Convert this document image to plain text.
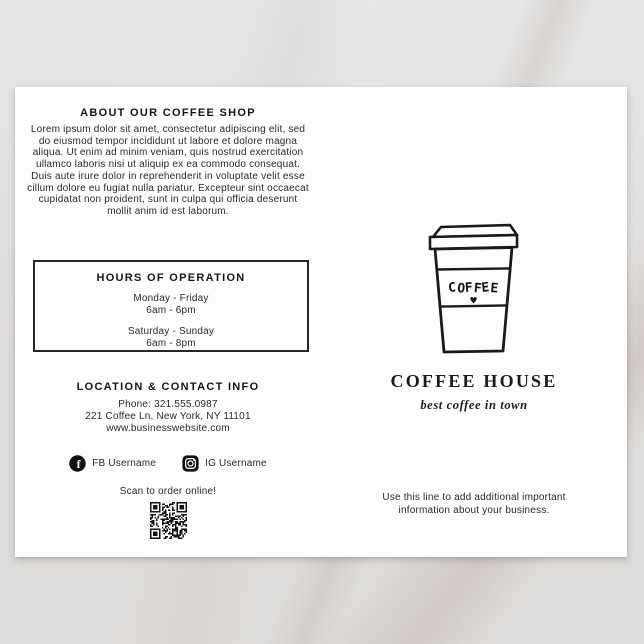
ABOUT OUR COFFEE SHOP
Lorem ipsum dolor sit amet, consectetur adipiscing elit, sed do eiusmod tempor incididunt ut labore et dolore magna aliqua. Ut enim ad minim veniam, quis nostrud exercitation ullamco laboris nisi ut aliquip ex ea commodo consequat. Duis aute irure dolor in reprehenderit in voluptate velit esse cillum dolore eu fugiat nulla pariatur. Excepteur sint occaecat cupidatat non proident, sunt in culpa qui officia deserunt mollit anim id est laborum.
HOURS OF OPERATION
Monday - Friday
6am - 6pm
Saturday - Sunday
6am - 8pm
LOCATION & CONTACT INFO
Phone: 321.555.0987
221 Coffee Ln, New York, NY 11101
www.businesswebsite.com
f FB Username	IG Username
Scan to order online!
COFFEE
♥
COFFEE HOUSE
best coffee in town
Use this line to add additional important information about your business.
